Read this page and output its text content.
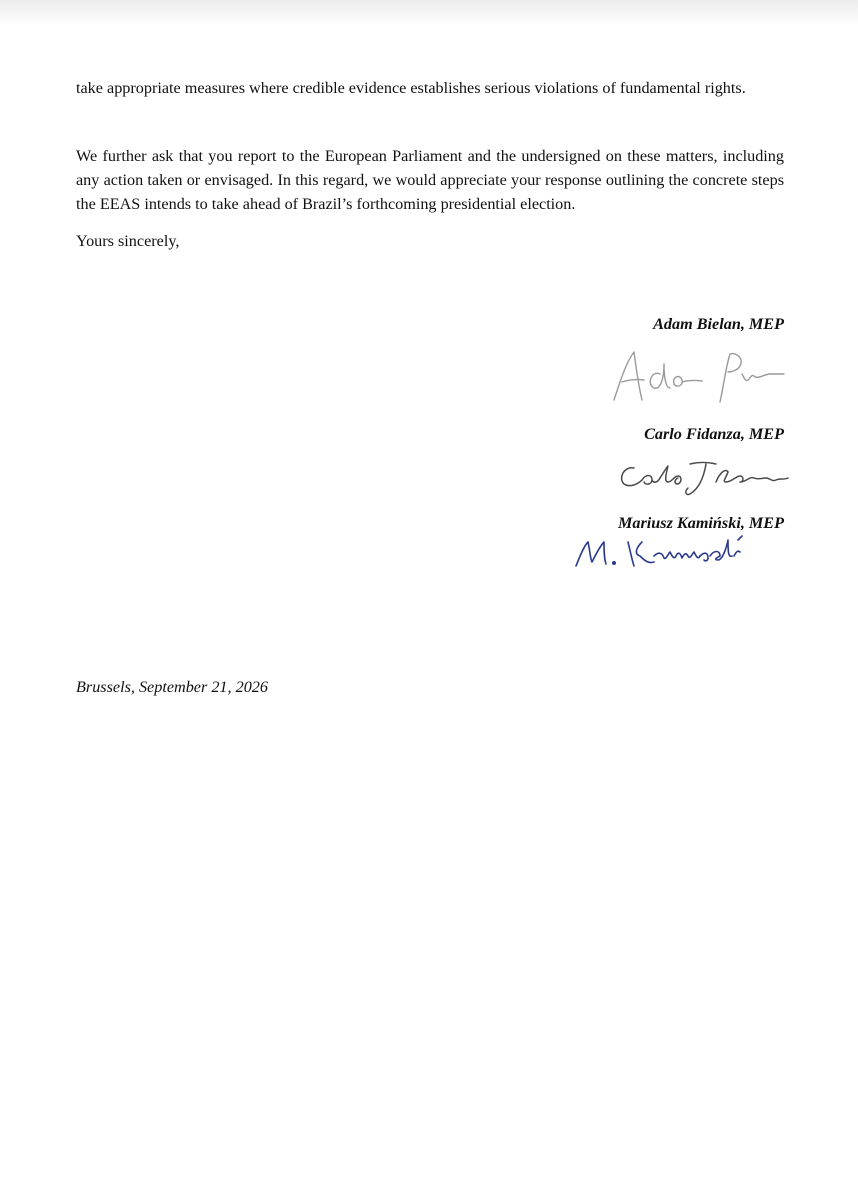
take appropriate measures where credible evidence establishes serious violations of fundamental rights.

We further ask that you report to the European Parliament and the undersigned on these matters, including any action taken or envisaged. In this regard, we would appreciate your response outlining the concrete steps the EEAS intends to take ahead of Brazil’s forthcoming presidential election.

Yours sincerely,

Adam Bielan, MEP
Carlo Fidanza, MEP
Mariusz Kamiński, MEP

Brussels, September 21, 2026
